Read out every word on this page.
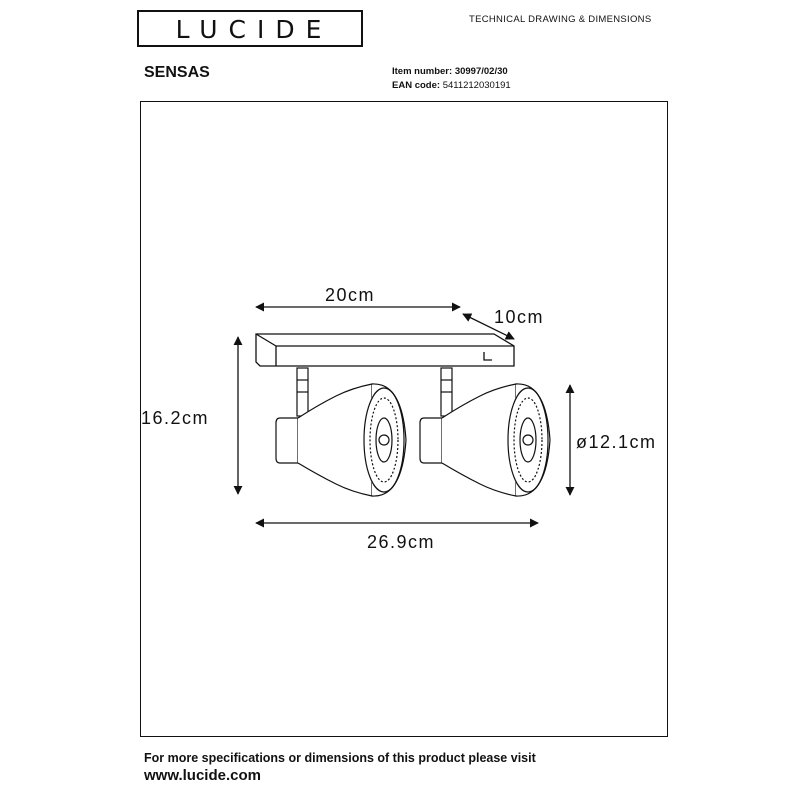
LUCIDE	TECHNICAL DRAWING & DIMENSIONS
SENSAS	Item number: 30997/02/30
EAN code: 5411212030191
20cm
10cm
16.2cm
ø12.1cm
26.9cm
For more specifications or dimensions of this product please visit
www.lucide.com
